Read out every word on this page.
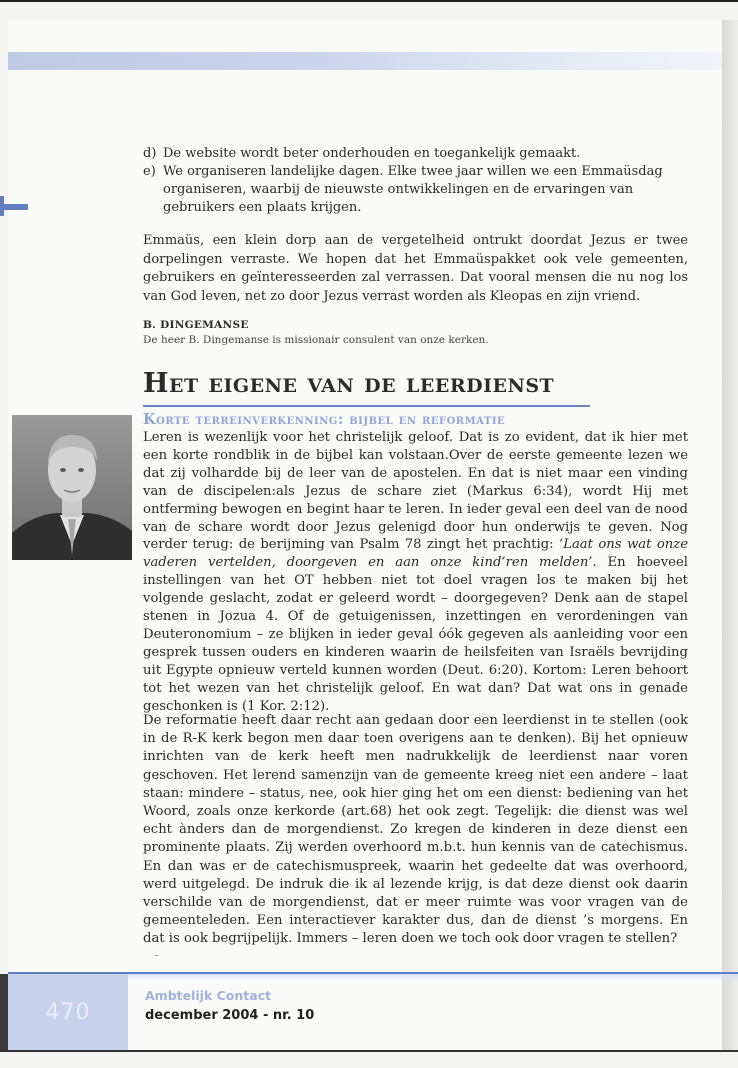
d) De website wordt beter onderhouden en toegankelijk gemaakt.
e) We organiseren landelijke dagen. Elke twee jaar willen we een Emmaüsdag organiseren, waarbij de nieuwste ontwikkelingen en de ervaringen van gebruikers een plaats krijgen.

Emmaüs, een klein dorp aan de vergetelheid ontrukt doordat Jezus er twee dorpelingen verraste. We hopen dat het Emmaüspakket ook vele gemeenten, gebruikers en geïnteresseerden zal verrassen. Dat vooral mensen die nu nog los van God leven, net zo door Jezus verrast worden als Kleopas en zijn vriend.

B. DINGEMANSE
De heer B. Dingemanse is missionair consulent van onze kerken.
Het eigene van de leerdienst
Korte terreinverkenning: bijbel en reformatie

Leren is wezenlijk voor het christelijk geloof. Dat is zo evident, dat ik hier met een korte rondblik in de bijbel kan volstaan.Over de eerste gemeente lezen we dat zij volhardde bij de leer van de apostelen. En dat is niet maar een vinding van de discipelen:als Jezus de schare ziet (Markus 6:34), wordt Hij met ontferming bewogen en begint haar te leren. In ieder geval een deel van de nood van de schare wordt door Jezus gelenigd door hun onderwijs te geven. Nog verder terug: de berijming van Psalm 78 zingt het prachtig: ‘Laat ons wat onze vaderen vertelden, doorgeven en aan onze kind’ren melden’. En hoeveel instellingen van het OT hebben niet tot doel vragen los te maken bij het volgende geslacht, zodat er geleerd wordt – doorgegeven? Denk aan de stapel stenen in Jozua 4. Of de getuigenissen, inzettingen en verordeningen van Deuteronomium – ze blijken in ieder geval óók gegeven als aanleiding voor een gesprek tussen ouders en kinderen waarin de heilsfeiten van Israëls bevrijding uit Egypte opnieuw verteld kunnen worden (Deut. 6:20). Kortom: Leren behoort tot het wezen van het christelijk geloof. En wat dan? Dat wat ons in genade geschonken is (1 Kor. 2:12).

De reformatie heeft daar recht aan gedaan door een leerdienst in te stellen (ook in de R-K kerk begon men daar toen overigens aan te denken). Bij het opnieuw inrichten van de kerk heeft men nadrukkelijk de leerdienst naar voren geschoven. Het lerend samenzijn van de gemeente kreeg niet een andere – laat staan: mindere – status, nee, ook hier ging het om een dienst: bediening van het Woord, zoals onze kerkorde (art.68) het ook zegt. Tegelijk: die dienst was wel echt ànders dan de morgendienst. Zo kregen de kinderen in deze dienst een prominente plaats. Zij werden overhoord m.b.t. hun kennis van de catechismus. En dan was er de catechismuspreek, waarin het gedeelte dat was overhoord, werd uitgelegd. De indruk die ik al lezende krijg, is dat deze dienst ook daarin verschilde van de morgendienst, dat er meer ruimte was voor vragen van de gemeenteleden. Een interactiever karakter dus, dan de dienst ’s morgens. En dat is ook begrijpelijk. Immers – leren doen we toch ook door vragen te stellen?

470
Ambtelijk Contact
december 2004 - nr. 10
